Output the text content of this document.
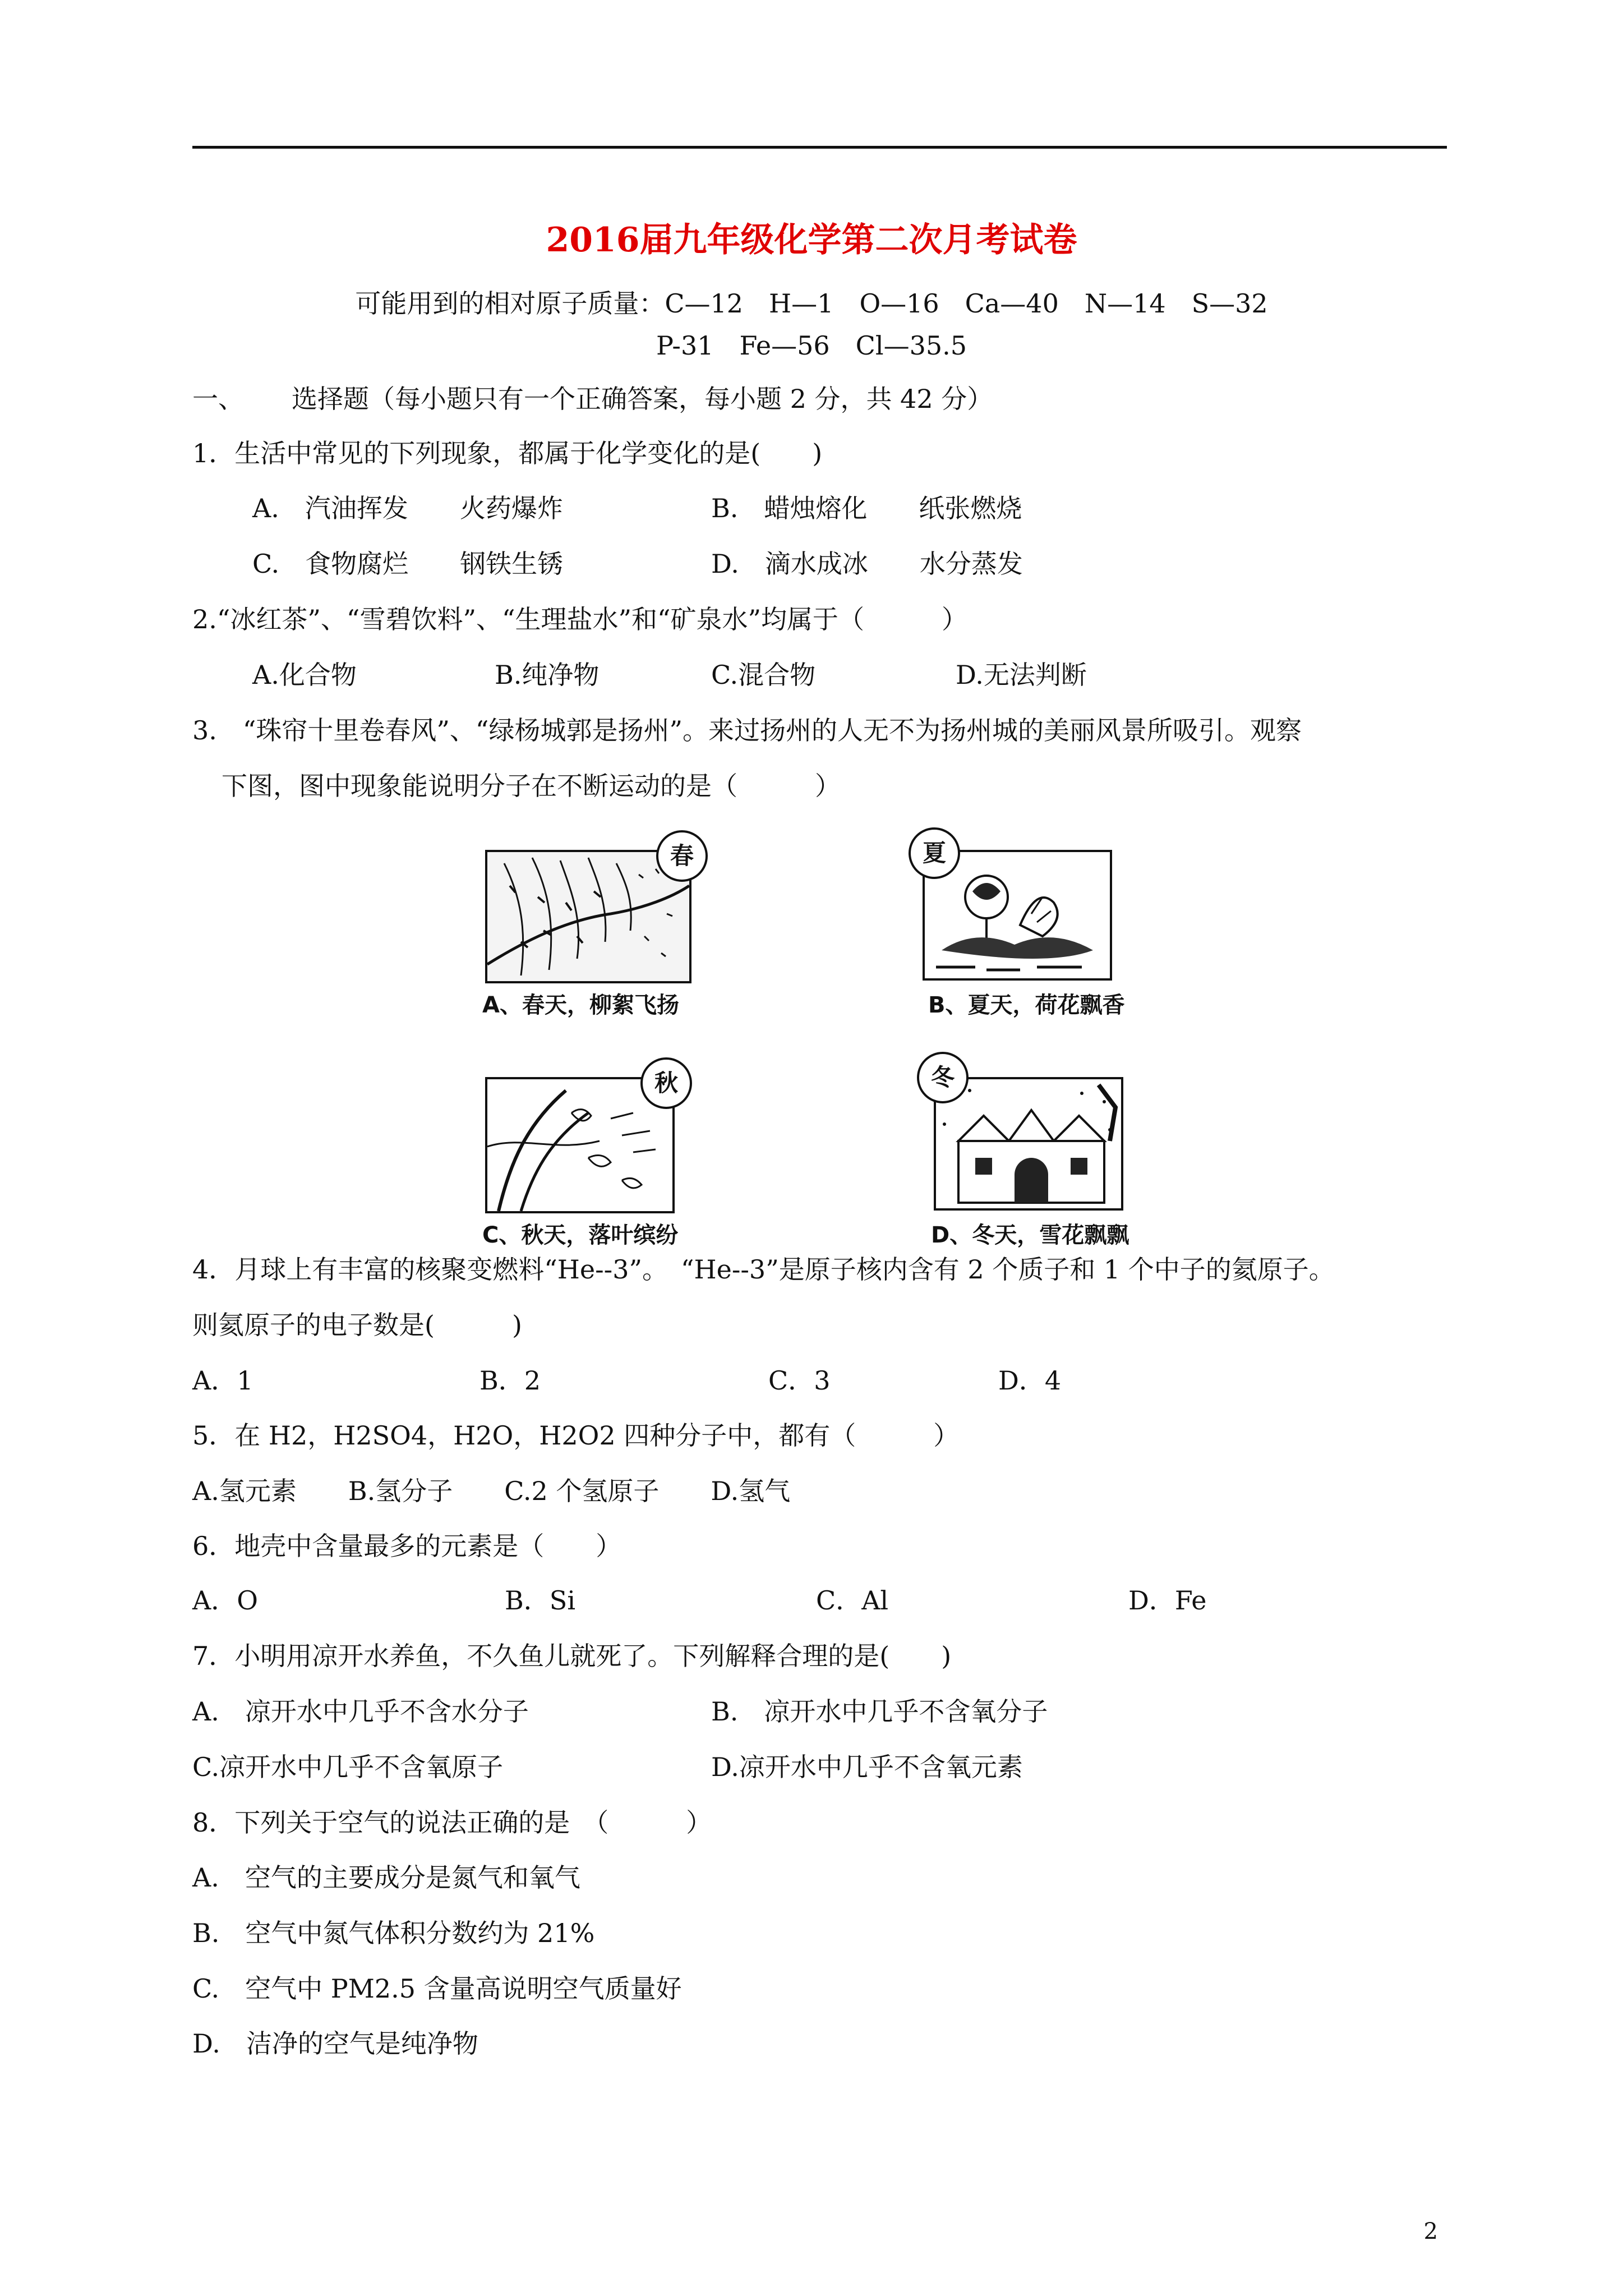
2016届九年级化学第二次月考试卷
可能用到的相对原子质量：C—12　H—1　O—16　Ca—40　N—14　S—32
P-31　Fe—56　Cl—35.5
一、 选择题（每小题只有一个正确答案，每小题 2 分，共 42 分）
1．生活中常见的下列现象，都属于化学变化的是(　　)
A.　汽油挥发　　火药爆炸	B.　蜡烛熔化　　纸张燃烧
C.　食物腐烂　　钢铁生锈	D.　滴水成冰　　水分蒸发
2.“冰红茶”、“雪碧饮料”、“生理盐水”和“矿泉水”均属于（　　　）
A.化合物	B.纯净物	C.混合物	D.无法判断
3.　“珠帘十里卷春风”、“绿杨城郭是扬州”。来过扬州的人无不为扬州城的美丽风景所吸引。观察
下图，图中现象能说明分子在不断运动的是（　　　）
春
A、春天，柳絮飞扬
夏
B、夏天，荷花飘香
秋
C、秋天，落叶缤纷
冬
D、冬天，雪花飘飘
4．月球上有丰富的核聚变燃料“He--3”。　“He--3”是原子核内含有 2 个质子和 1 个中子的氦原子。
则氦原子的电子数是(　　　)
A．1	B．2	C．3	D．4
5．在 H2，H2SO4，H2O，H2O2 四种分子中，都有（　　　）
A.氢元素　　B.氢分子　　C.2 个氢原子　　D.氢气
6．地壳中含量最多的元素是（　　）
A．O	B．Si	C．Al	D．Fe
7．小明用凉开水养鱼，不久鱼儿就死了。下列解释合理的是(　　)
A.　凉开水中几乎不含水分子	B.　凉开水中几乎不含氧分子
C.凉开水中几乎不含氧原子	D.凉开水中几乎不含氧元素
8．下列关于空气的说法正确的是　（　　　）
A.　空气的主要成分是氮气和氧气
B.　空气中氮气体积分数约为 21%
C.　空气中 PM2.5 含量高说明空气质量好
D.　洁净的空气是纯净物
2
